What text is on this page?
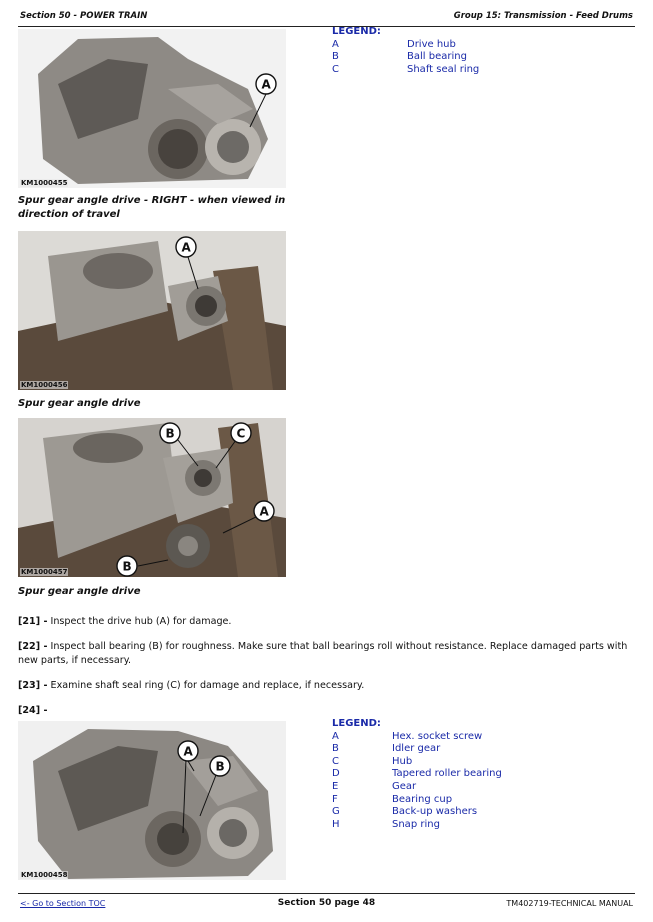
Section 50 - POWER TRAIN	Group 15: Transmission - Feed Drums
A
KM1000455
Spur gear angle drive - RIGHT - when viewed in direction of travel
LEGEND:
A	Drive hub
B	Ball bearing
C	Shaft seal ring
A
KM1000456
Spur gear angle drive
B	C
A
B
KM1000457
Spur gear angle drive
[21] - Inspect the drive hub (A) for damage.
[22] - Inspect ball bearing (B) for roughness. Make sure that ball bearings roll without resistance. Replace damaged parts with new parts, if necessary.
[23] - Examine shaft seal ring (C) for damage and replace, if necessary.
[24] -
A
B
KM1000458
LEGEND:
A	Hex. socket screw
B	Idler gear
C	Hub
D	Tapered roller bearing
E	Gear
F	Bearing cup
G	Back-up washers
H	Snap ring
<- Go to Section TOC	Section 50 page 48	TM402719-TECHNICAL MANUAL
